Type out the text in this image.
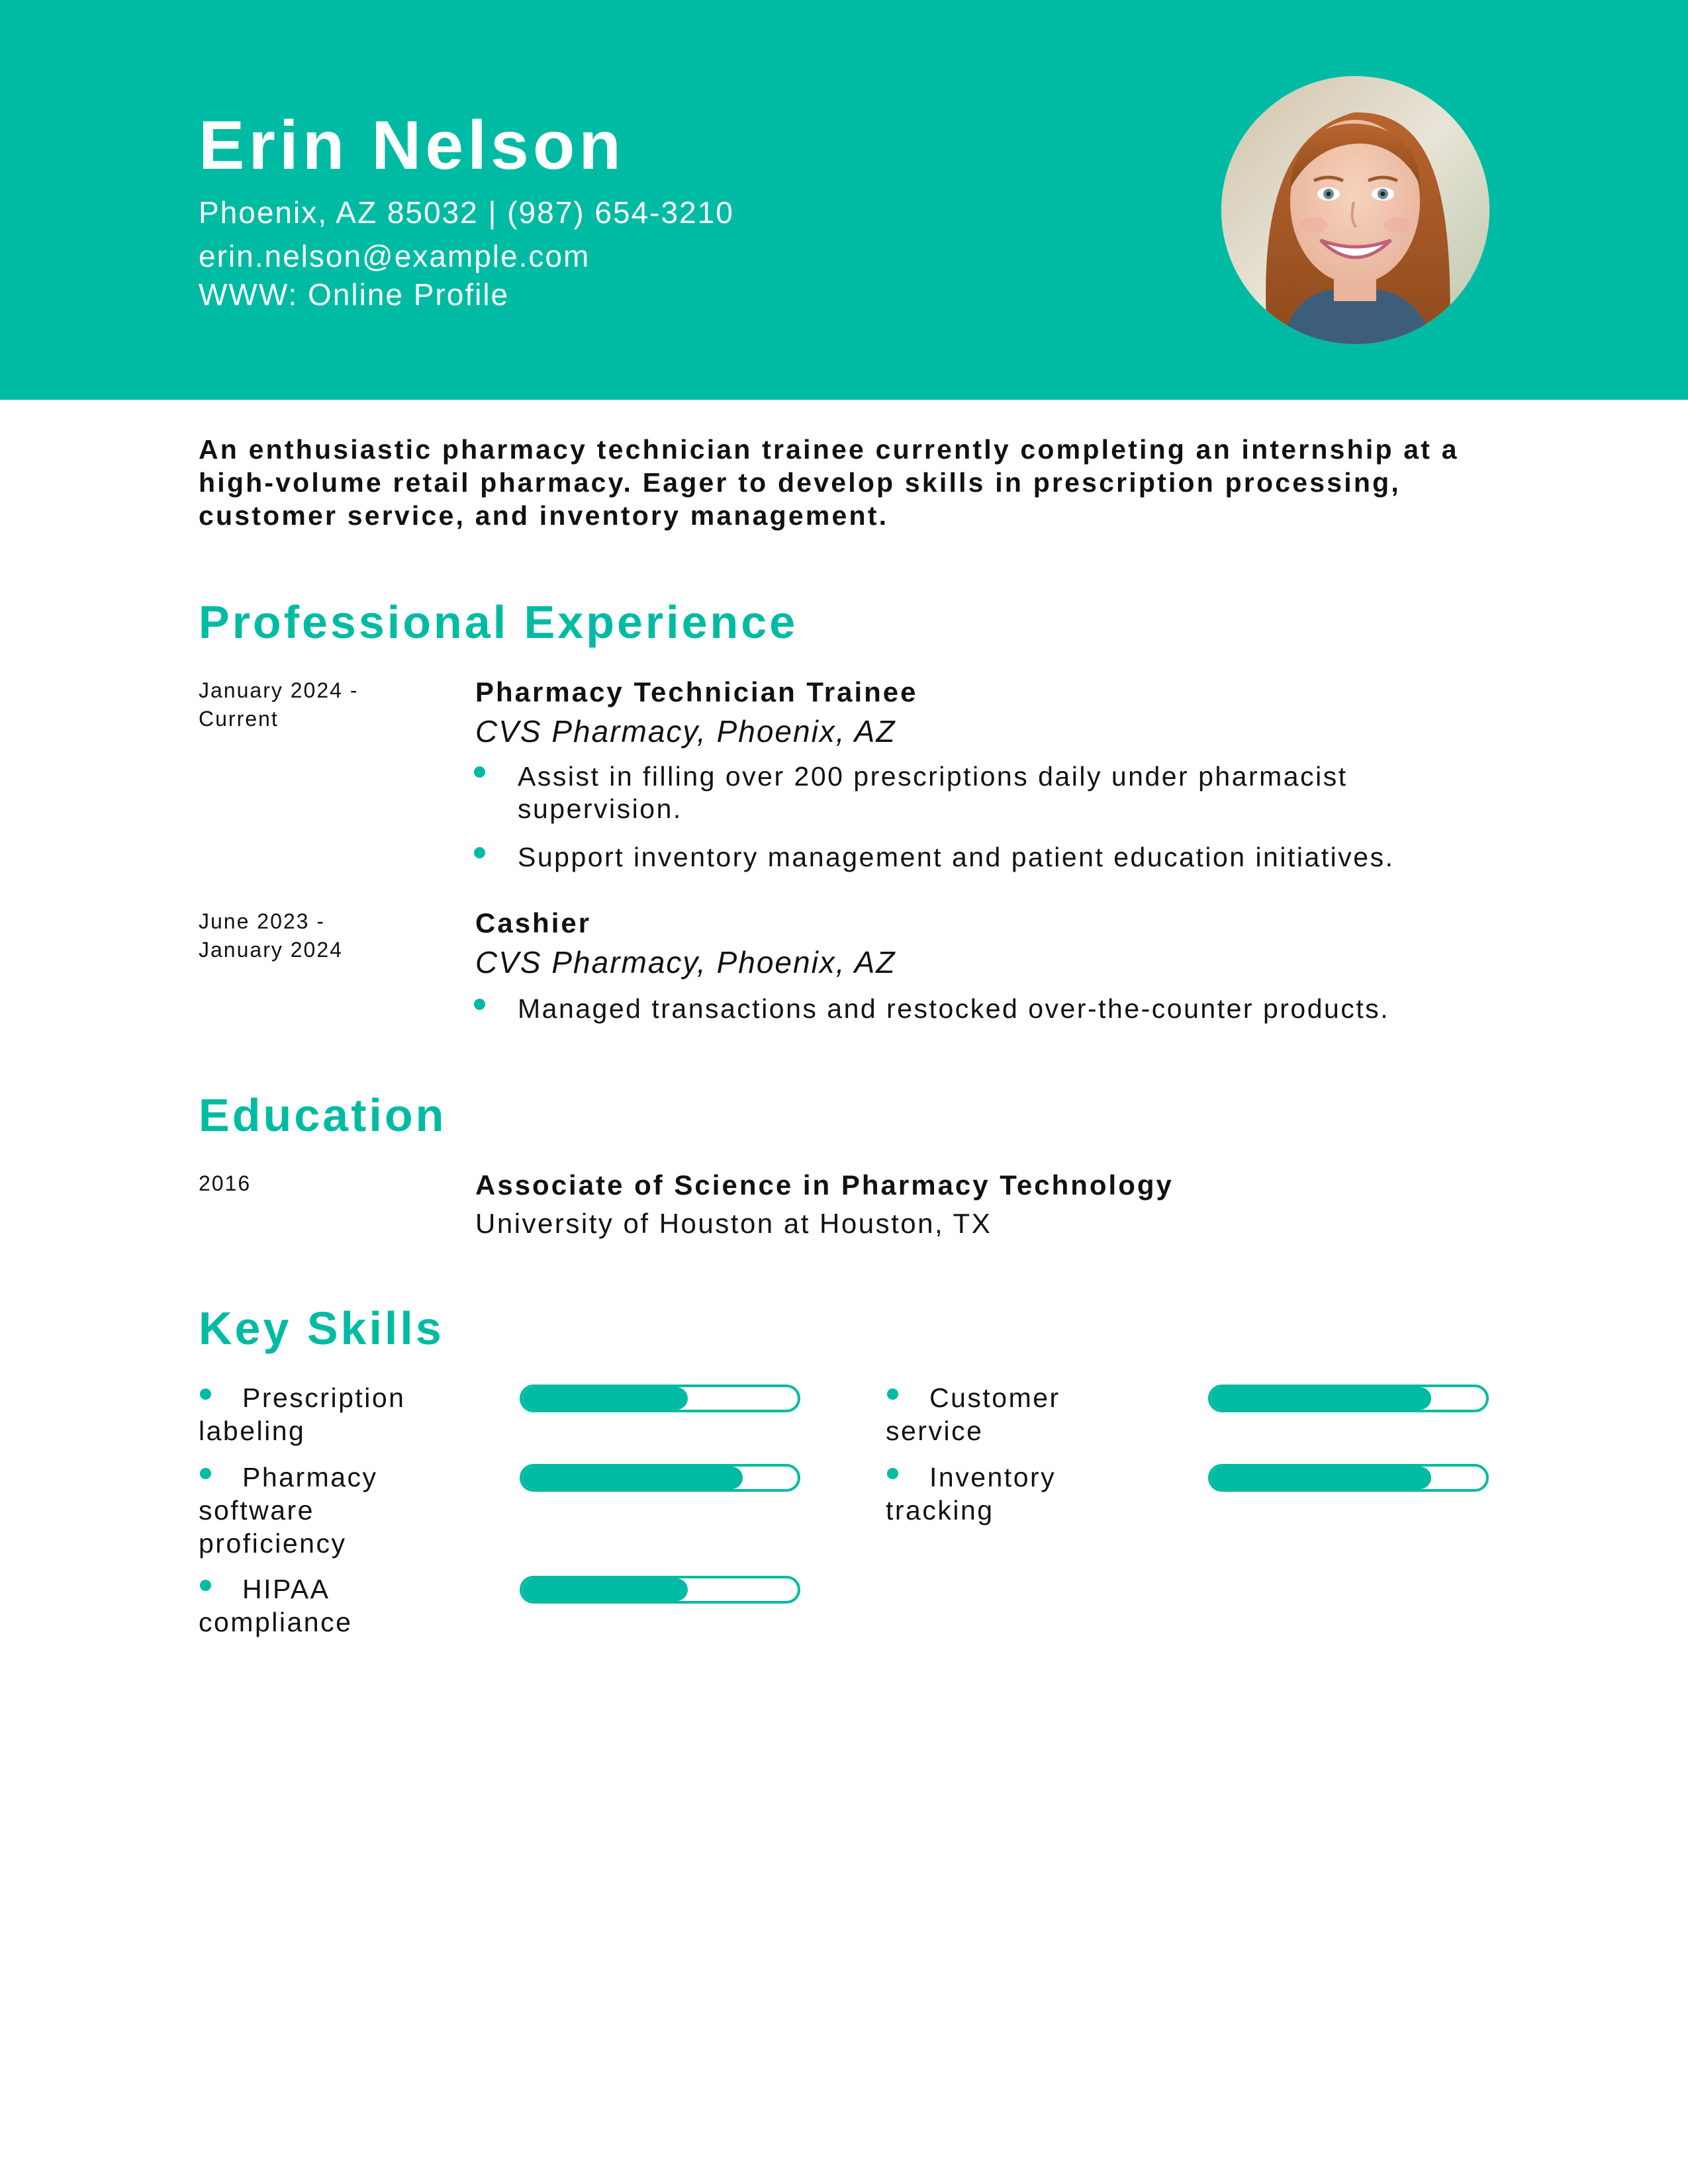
Erin Nelson
Phoenix, AZ 85032 | (987) 654-3210
erin.nelson@example.com
WWW: Online Profile
An enthusiastic pharmacy technician trainee currently completing an internship at a high-volume retail pharmacy. Eager to develop skills in prescription processing, customer service, and inventory management.
Professional Experience
January 2024 -
Current
Pharmacy Technician Trainee
CVS Pharmacy, Phoenix, AZ
Assist in filling over 200 prescriptions daily under pharmacist supervision.
Support inventory management and patient education initiatives.
June 2023 -
January 2024
Cashier
CVS Pharmacy, Phoenix, AZ
Managed transactions and restocked over-the-counter products.
Education
2016	Associate of Science in Pharmacy Technology
University of Houston at Houston, TX
Key Skills
Prescription
labeling
Customer
service
Pharmacy
software
proficiency
Inventory
tracking
HIPAA
compliance
